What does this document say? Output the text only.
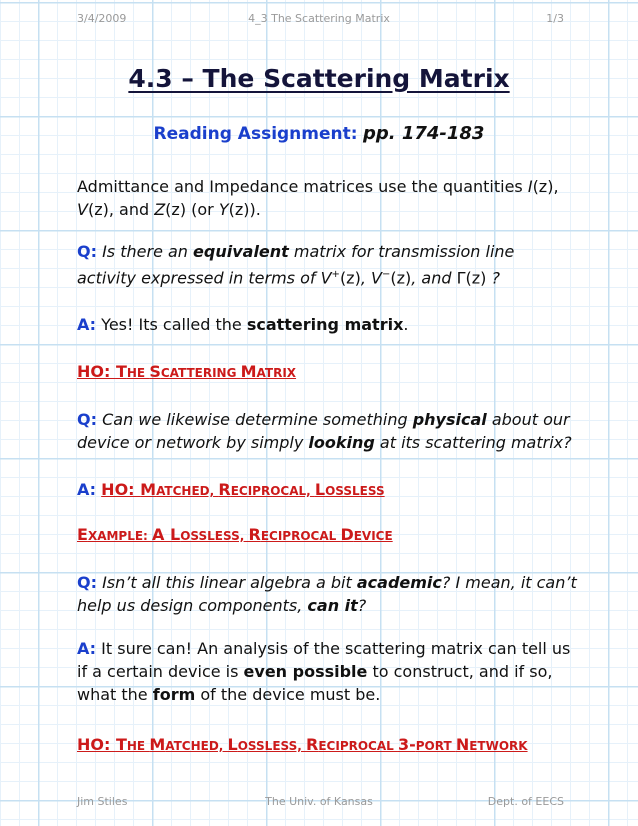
3/4/2009	4_3 The Scattering Matrix	1/3
4.3 – The Scattering Matrix
Reading Assignment: pp. 174-183

Admittance and Impedance matrices use the quantities I(z), V(z), and Z(z) (or Y(z)).

Q: Is there an equivalent matrix for transmission line activity expressed in terms of V+(z), V−(z), and Γ(z) ?

A: Yes! Its called the scattering matrix.

HO: THE SCATTERING MATRIX

Q: Can we likewise determine something physical about our device or network by simply looking at its scattering matrix?

A: HO: MATCHED, RECIPROCAL, LOSSLESS
EXAMPLE: A LOSSLESS, RECIPROCAL DEVICE

Q: Isn’t all this linear algebra a bit academic? I mean, it can’t help us design components, can it?

A: It sure can! An analysis of the scattering matrix can tell us if a certain device is even possible to construct, and if so, what the form of the device must be.

HO: THE MATCHED, LOSSLESS, RECIPROCAL 3-PORT NETWORK
Jim Stiles	The Univ. of Kansas	Dept. of EECS
